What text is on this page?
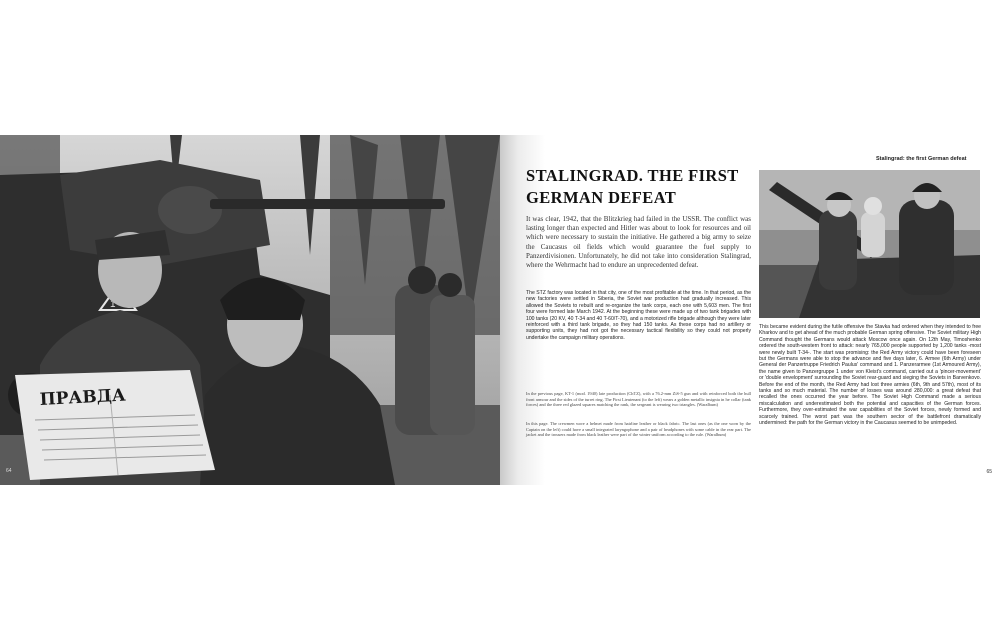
1
ПРАВДА
64
Stalingrad: the first German defeat
STALINGRAD. THE FIRST GERMAN DEFEAT

It was clear, 1942, that the Blitzkrieg had failed in the USSR. The conflict was lasting longer than expected and Hitler was about to look for resources and oil which were necessary to sustain the initiative. He gathered a big army to seize the Caucasus oil fields which would guarantee the fuel supply to Panzerdivisionen. Unfortunately, he did not take into consideration Stalingrad, where the Wehrmacht had to endure an unprecedented defeat.

The STZ factory was located in that city, one of the most profitable at the time. In that period, as the new factories were settled in Siberia, the Soviet war production had gradually increased. This allowed the Soviets to rebuilt and re-organize the tank corps, each one with 5,603 men. The first four were formed late March 1942. At the beginning these were made up of two tank brigades with 100 tanks (20 KV, 40 T-34 and 40 T-60/T-70), and a motorized rifle brigade although they were later reinforced with a third tank brigade, so they had 150 tanks. As these corps had no artillery or supporting units, they had not got the necessary tactical flexibility so they could not properly undertake the campaign military operations.

In the previous page, KT-1 (mod. 1940) late production (ChTZ), with a 76.2-mm ZiS-5 gun and with reinforced both the hull front armour and the sides of the turret ring. The First Lieutenant (to the left) wears a golden metallic insignia in he collar (tank forces) and the three red glazed squares matching the rank, the sergeant is wearing two triangles. (Waralbum)

In this page. The crewmen wore a helmet made from hairline leather or black fabric. The last ones (as the one worn by the Captain on the left) could have a small integrated laryngophone and a pair of headphones with some cable in the rear part. The jacket and the trousers made from black leather were part of the winter uniform according to the rule. (Waralbum)

This became evident during the futile offensive the Stavka had ordered when they intended to free Kharkov and to get ahead of the much probable German spring offensive. The Soviet military High Command thought the Germans would attack Moscow once again. On 12th May, Timoshenko ordered the south-western front to attack: nearly 765,000 people supported by 1,200 tanks -most were newly built T-34-. The start was promising: the Red Army victory could have been foreseen but the Germans were able to stop the advance and five days later, 6. Armee (6th Army) under General der Panzertruppe Friedrich Paulus' command and 1. Panzerarmee (1st Armoured Army), the name given to Panzergruppe 1 under von Kleist's command, carried out a 'pincer-movement' or 'double envelopment' surrounding the Soviet rear-guard and sieging the Soviets in Barvenkovo. Before the end of the month, the Red Army had lost three armies (6th, 9th and 57th), most of its tanks and so much material. The number of losses was around 280,000: a great defeat that recalled the ones occurred the year before. The Soviet High Command made a serious miscalculation and underestimated both the potential and capacities of the German forces. Furthermore, they over-estimated the war capabilities of the Soviet forces, newly formed and scarcely trained. The worst part was the southern sector of the battlefront dramatically undermined: the path for the German victory in the Caucasus seemed to be unimpeded.

65
